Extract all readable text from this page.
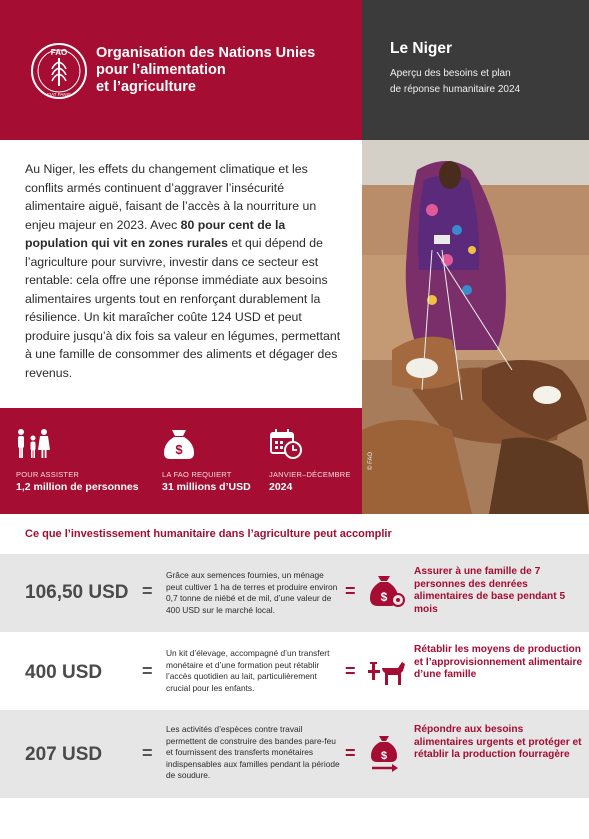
FAO
FIAT PANIS
Organisation des Nations Unies
pour l’alimentation
et l’agriculture
Le Niger
Aperçu des besoins et plan
de réponse humanitaire 2024

Au Niger, les effets du changement climatique et les conflits armés continuent d’aggraver l’insécurité alimentaire aiguë, faisant de l’accès à la nourriture un enjeu majeur en 2023. Avec 80 pour cent de la population qui vit en zones rurales et qui dépend de l’agriculture pour survivre, investir dans ce secteur est rentable: cela offre une réponse immédiate aux besoins alimentaires urgents tout en renforçant durablement la résilience. Un kit maraîcher coûte 124 USD et peut produire jusqu’à dix fois sa valeur en légumes, permettant à une famille de consommer des aliments et dégager des revenus.

© FAO
POUR ASSISTER
1,2 million de personnes
$
LA FAO REQUIERT
31 millions d’USD
JANVIER–DÉCEMBRE
2024
Ce que l’investissement humanitaire dans l’agriculture peut accomplir
106,50 USD =
Grâce aux semences fournies, un ménage peut cultiver 1 ha de terres et produire environ 0,7 tonne de niébé et de mil, d’une valeur de 400 USD sur le marché local.
= $
Assurer à une famille de 7 personnes des denrées alimentaires de base pendant 5 mois
400 USD =
Un kit d’élevage, accompagné d’un transfert monétaire et d’une formation peut rétablir l’accès quotidien au lait, particulièrement crucial pour les enfants.
=
Rétablir les moyens de production et l’approvisionnement alimentaire d’une famille
207 USD =
Les activités d’espèces contre travail permettent de construire des bandes pare-feu et fournissent des transferts monétaires indispensables aux familles pendant la période de soudure.
= $
Répondre aux besoins alimentaires urgents et protéger et rétablir la production fourragère
